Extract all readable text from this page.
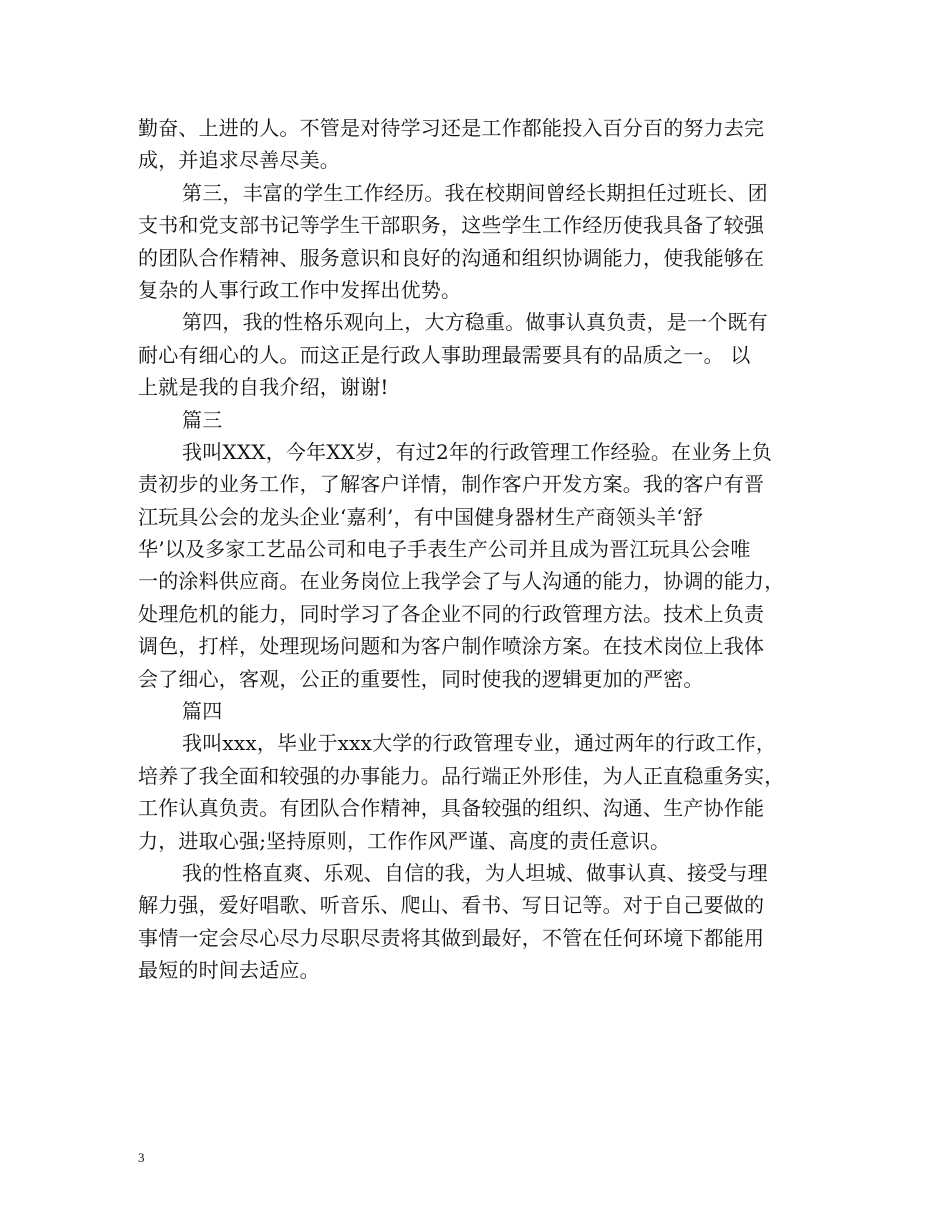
勤奋、上进的人。不管是对待学习还是工作都能投入百分百的努力去完
成，并追求尽善尽美。
第三，丰富的学生工作经历。我在校期间曾经长期担任过班长、团
支书和党支部书记等学生干部职务，这些学生工作经历使我具备了较强
的团队合作精神、服务意识和良好的沟通和组织协调能力，使我能够在
复杂的人事行政工作中发挥出优势。
第四，我的性格乐观向上，大方稳重。做事认真负责，是一个既有
耐心有细心的人。而这正是行政人事助理最需要具有的品质之一。 以
上就是我的自我介绍，谢谢!
篇三
我叫XXX，今年XX岁，有过2年的行政管理工作经验。在业务上负
责初步的业务工作，了解客户详情，制作客户开发方案。我的客户有晋
江玩具公会的龙头企业‘嘉利’，有中国健身器材生产商领头羊‘舒
华’以及多家工艺品公司和电子手表生产公司并且成为晋江玩具公会唯
一的涂料供应商。在业务岗位上我学会了与人沟通的能力，协调的能力，
处理危机的能力，同时学习了各企业不同的行政管理方法。技术上负责
调色，打样，处理现场问题和为客户制作喷涂方案。在技术岗位上我体
会了细心，客观，公正的重要性，同时使我的逻辑更加的严密。
篇四
我叫xxx，毕业于xxx大学的行政管理专业，通过两年的行政工作，
培养了我全面和较强的办事能力。品行端正外形佳，为人正直稳重务实，
工作认真负责。有团队合作精神，具备较强的组织、沟通、生产协作能
力，进取心强;坚持原则，工作作风严谨、高度的责任意识。
我的性格直爽、乐观、自信的我，为人坦城、做事认真、接受与理
解力强，爱好唱歌、听音乐、爬山、看书、写日记等。对于自己要做的
事情一定会尽心尽力尽职尽责将其做到最好，不管在任何环境下都能用
最短的时间去适应。
3
